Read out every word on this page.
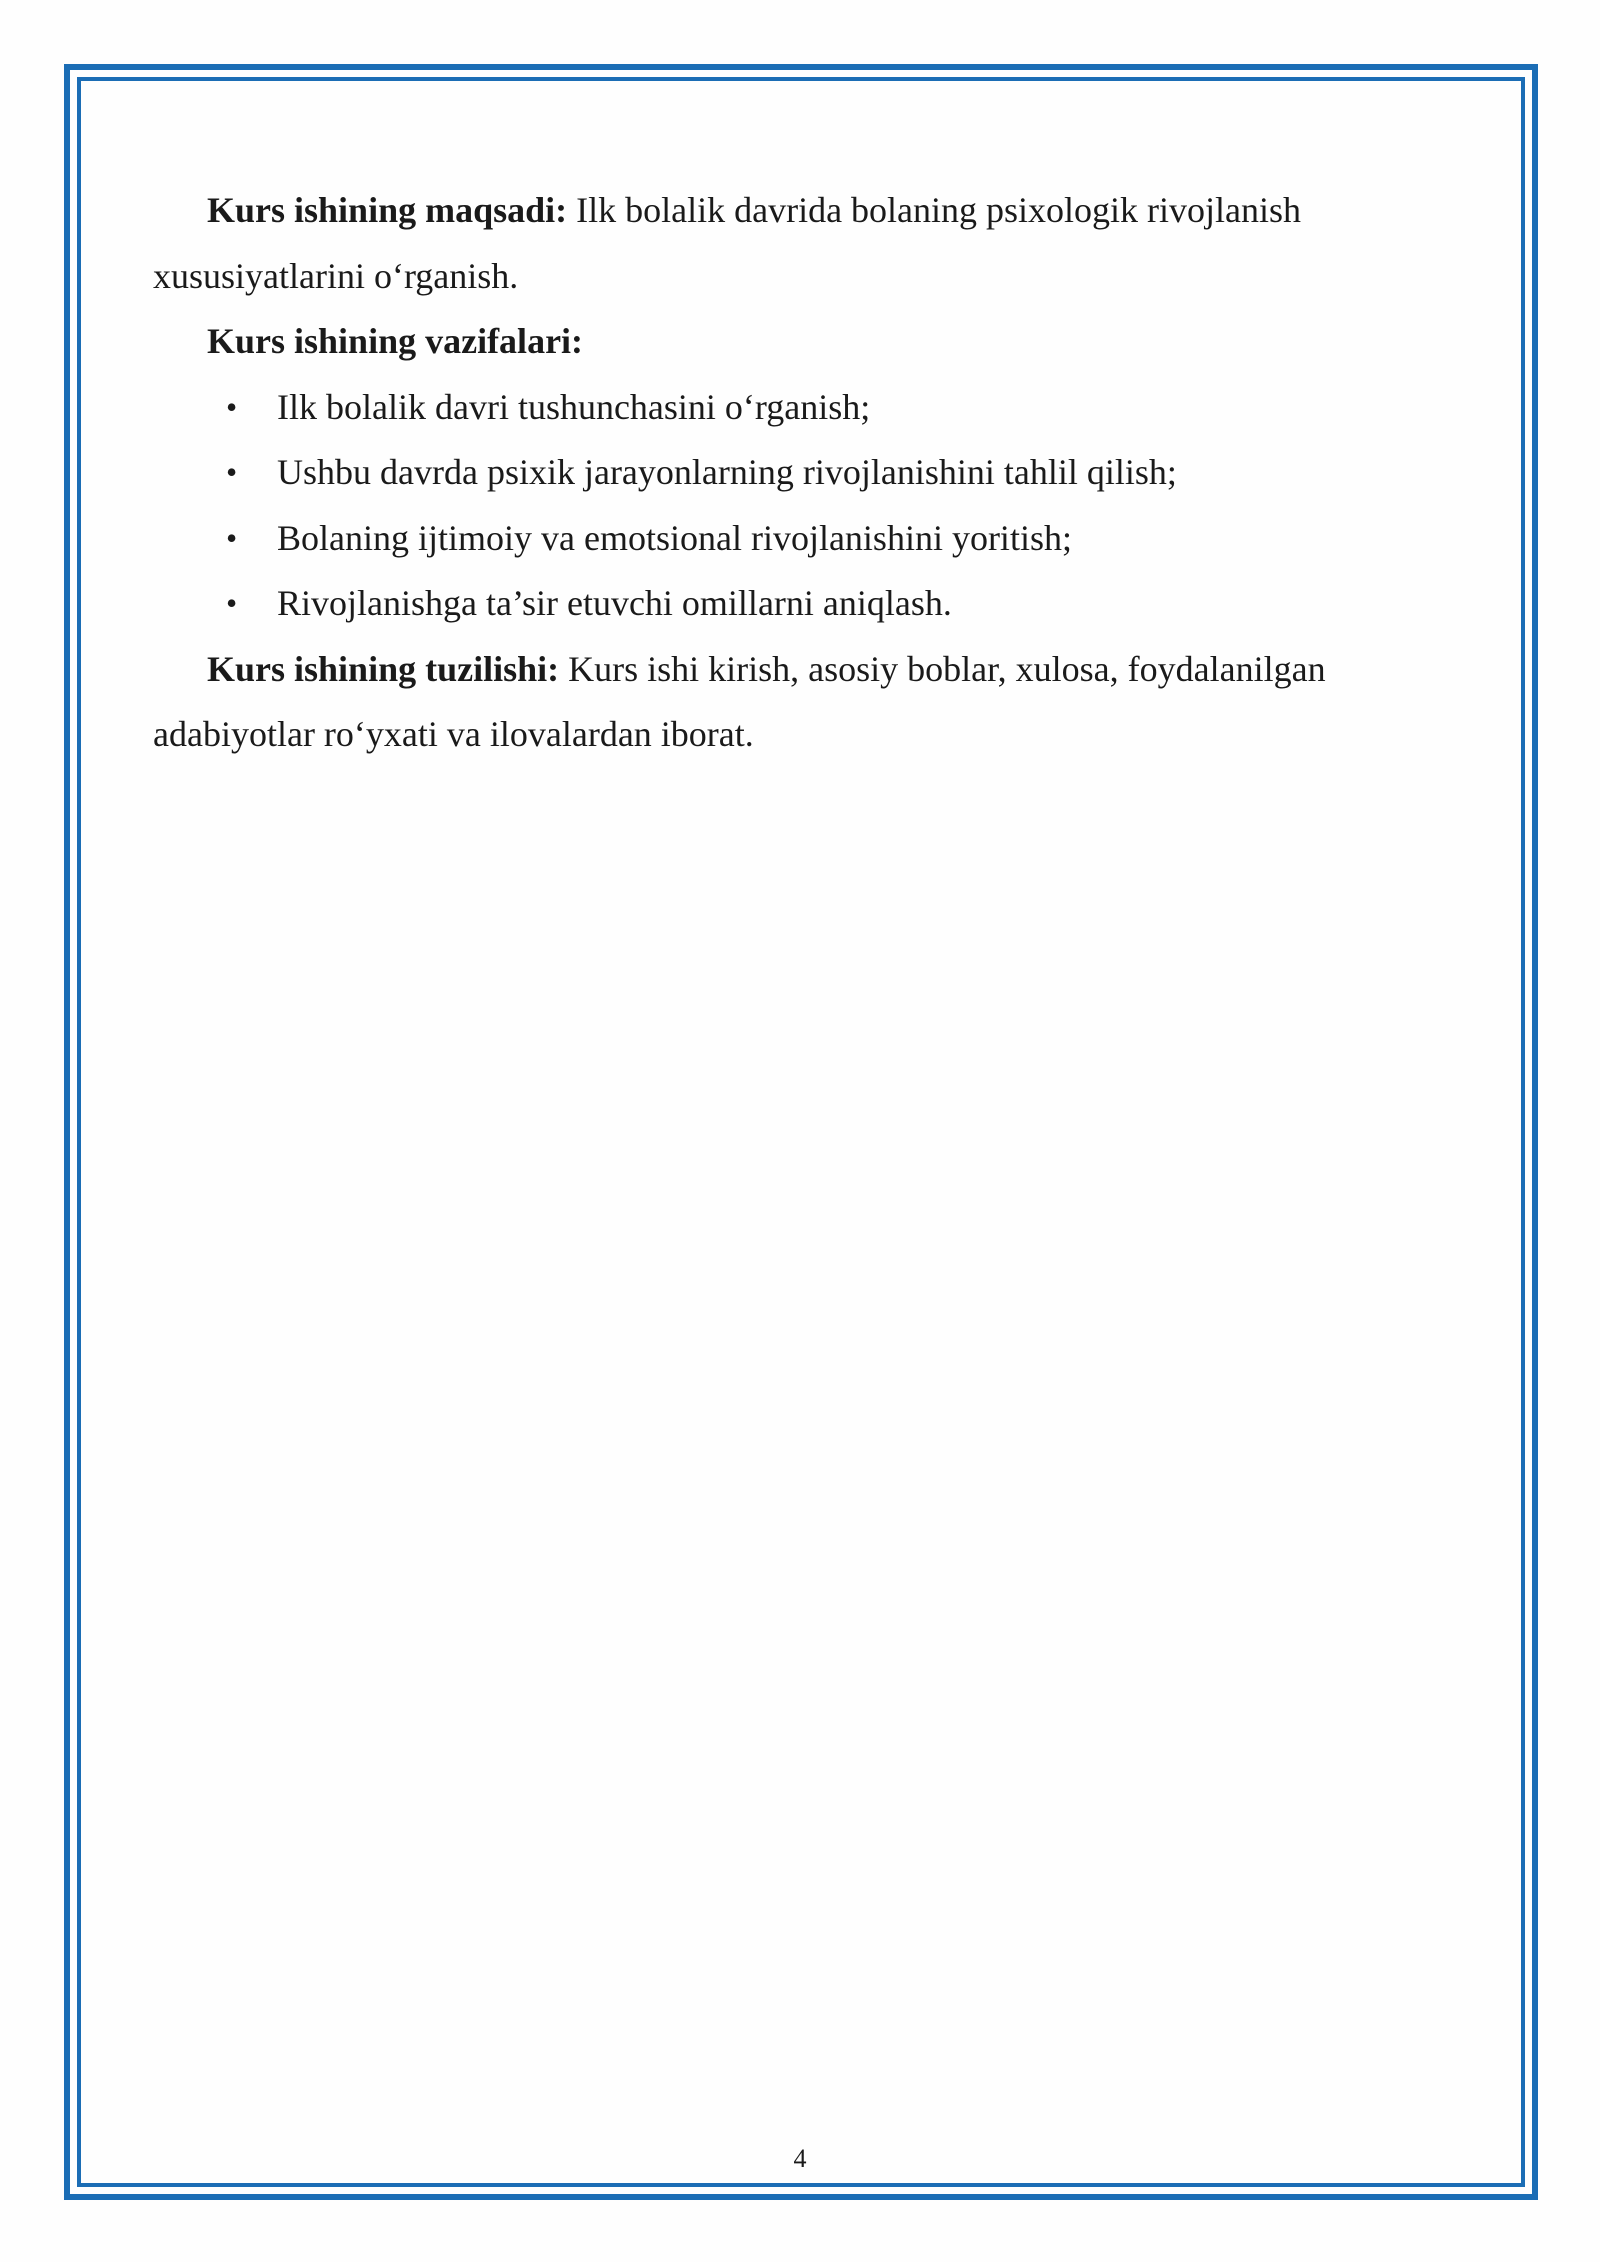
Kurs ishining maqsadi: Ilk bolalik davrida bolaning psixologik rivojlanish xususiyatlarini o‘rganish.

Kurs ishining vazifalari:

• Ilk bolalik davri tushunchasini o‘rganish;
• Ushbu davrda psixik jarayonlarning rivojlanishini tahlil qilish;
• Bolaning ijtimoiy va emotsional rivojlanishini yoritish;
• Rivojlanishga ta’sir etuvchi omillarni aniqlash.

Kurs ishining tuzilishi: Kurs ishi kirish, asosiy boblar, xulosa, foydalanilgan adabiyotlar ro‘yxati va ilovalardan iborat.

4
